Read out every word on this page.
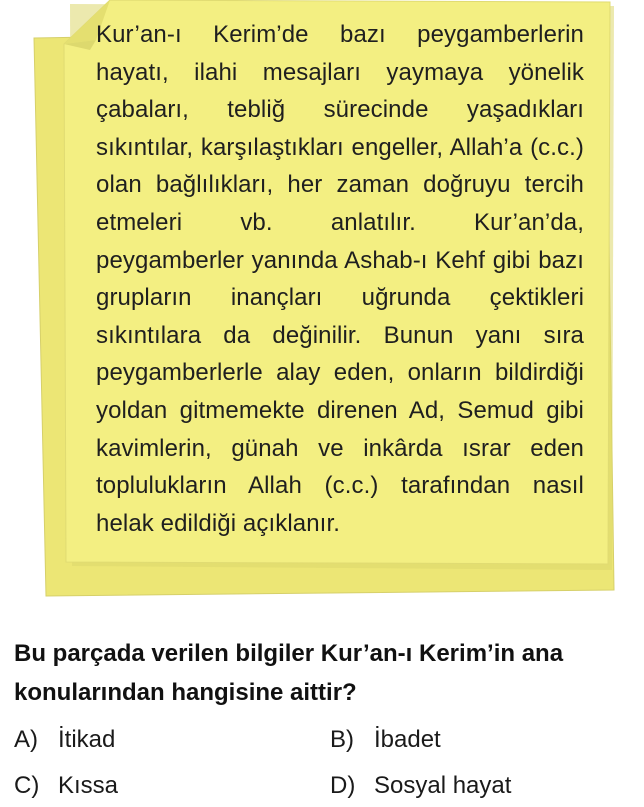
Kur’an-ı Kerim’de bazı peygamberlerin hayatı, ilahi mesajları yaymaya yönelik çabaları, tebliğ sürecinde yaşadıkları sıkıntılar, karşılaştıkları engeller, Allah’a (c.c.) olan bağlılıkları, her zaman doğruyu tercih etmeleri vb. anlatılır. Kur’an’da, peygamberler yanında Ashab-ı Kehf gibi bazı grupların inançları uğrunda çektikleri sıkıntılara da değinilir. Bunun yanı sıra peygamberlerle alay eden, onların bildirdiği yoldan gitmemekte direnen Ad, Semud gibi kavimlerin, günah ve inkârda ısrar eden toplulukların Allah (c.c.) tarafından nasıl helak edildiği açıklanır.

Bu parçada verilen bilgiler Kur’an-ı Kerim’in ana
konularından hangisine aittir?

A) İtikad	B) İbadet
C) Kıssa	D) Sosyal hayat
